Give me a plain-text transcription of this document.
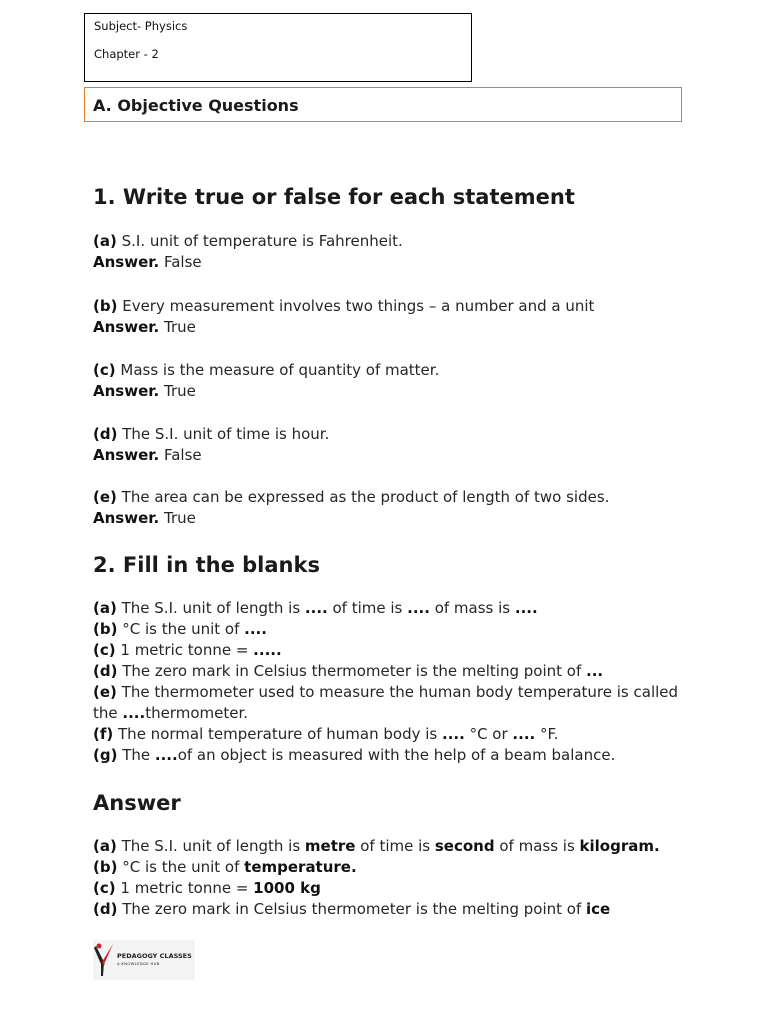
Subject- Physics
Chapter - 2
A. Objective Questions
1. Write true or false for each statement
(a) S.I. unit of temperature is Fahrenheit.
Answer. False
(b) Every measurement involves two things – a number and a unit
Answer. True
(c) Mass is the measure of quantity of matter.
Answer. True
(d) The S.I. unit of time is hour.
Answer. False
(e) The area can be expressed as the product of length of two sides.
Answer. True
2. Fill in the blanks
(a) The S.I. unit of length is .... of time is .... of mass is ....
(b) °C is the unit of ....
(c) 1 metric tonne = .....
(d) The zero mark in Celsius thermometer is the melting point of ...
(e) The thermometer used to measure the human body temperature is called
the ....thermometer.
(f) The normal temperature of human body is .... °C or .... °F.
(g) The ....of an object is measured with the help of a beam balance.
Answer
(a) The S.I. unit of length is metre of time is second of mass is kilogram.
(b) °C is the unit of temperature.
(c) 1 metric tonne = 1000 kg
(d) The zero mark in Celsius thermometer is the melting point of ice
PEDAGOGY CLASSES
A KNOWLEDGE HUB
